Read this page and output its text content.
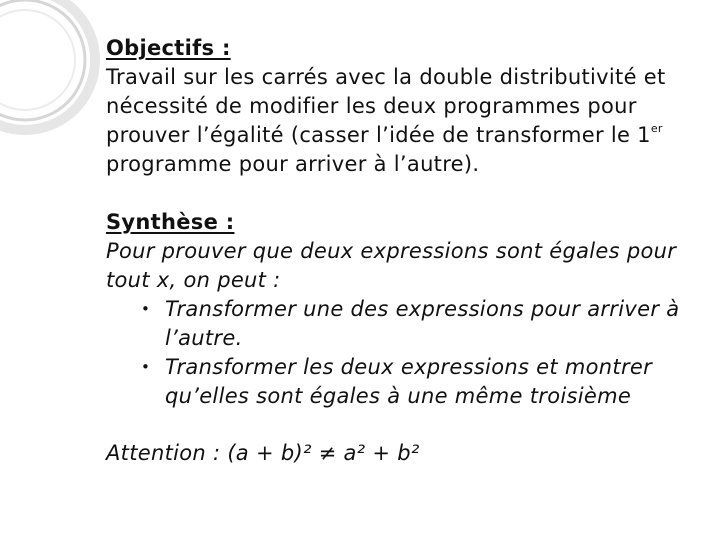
Objectifs :

Travail sur les carrés avec la double distributivité et nécessité de modifier les deux programmes pour prouver l’égalité (casser l’idée de transformer le 1er programme pour arriver à l’autre).

Synthèse :

Pour prouver que deux expressions sont égales pour tout x, on peut :

• Transformer une des expressions pour arriver à l’autre.
• Transformer les deux expressions et montrer qu’elles sont égales à une même troisième

Attention : (a + b)² ≠ a² + b²
